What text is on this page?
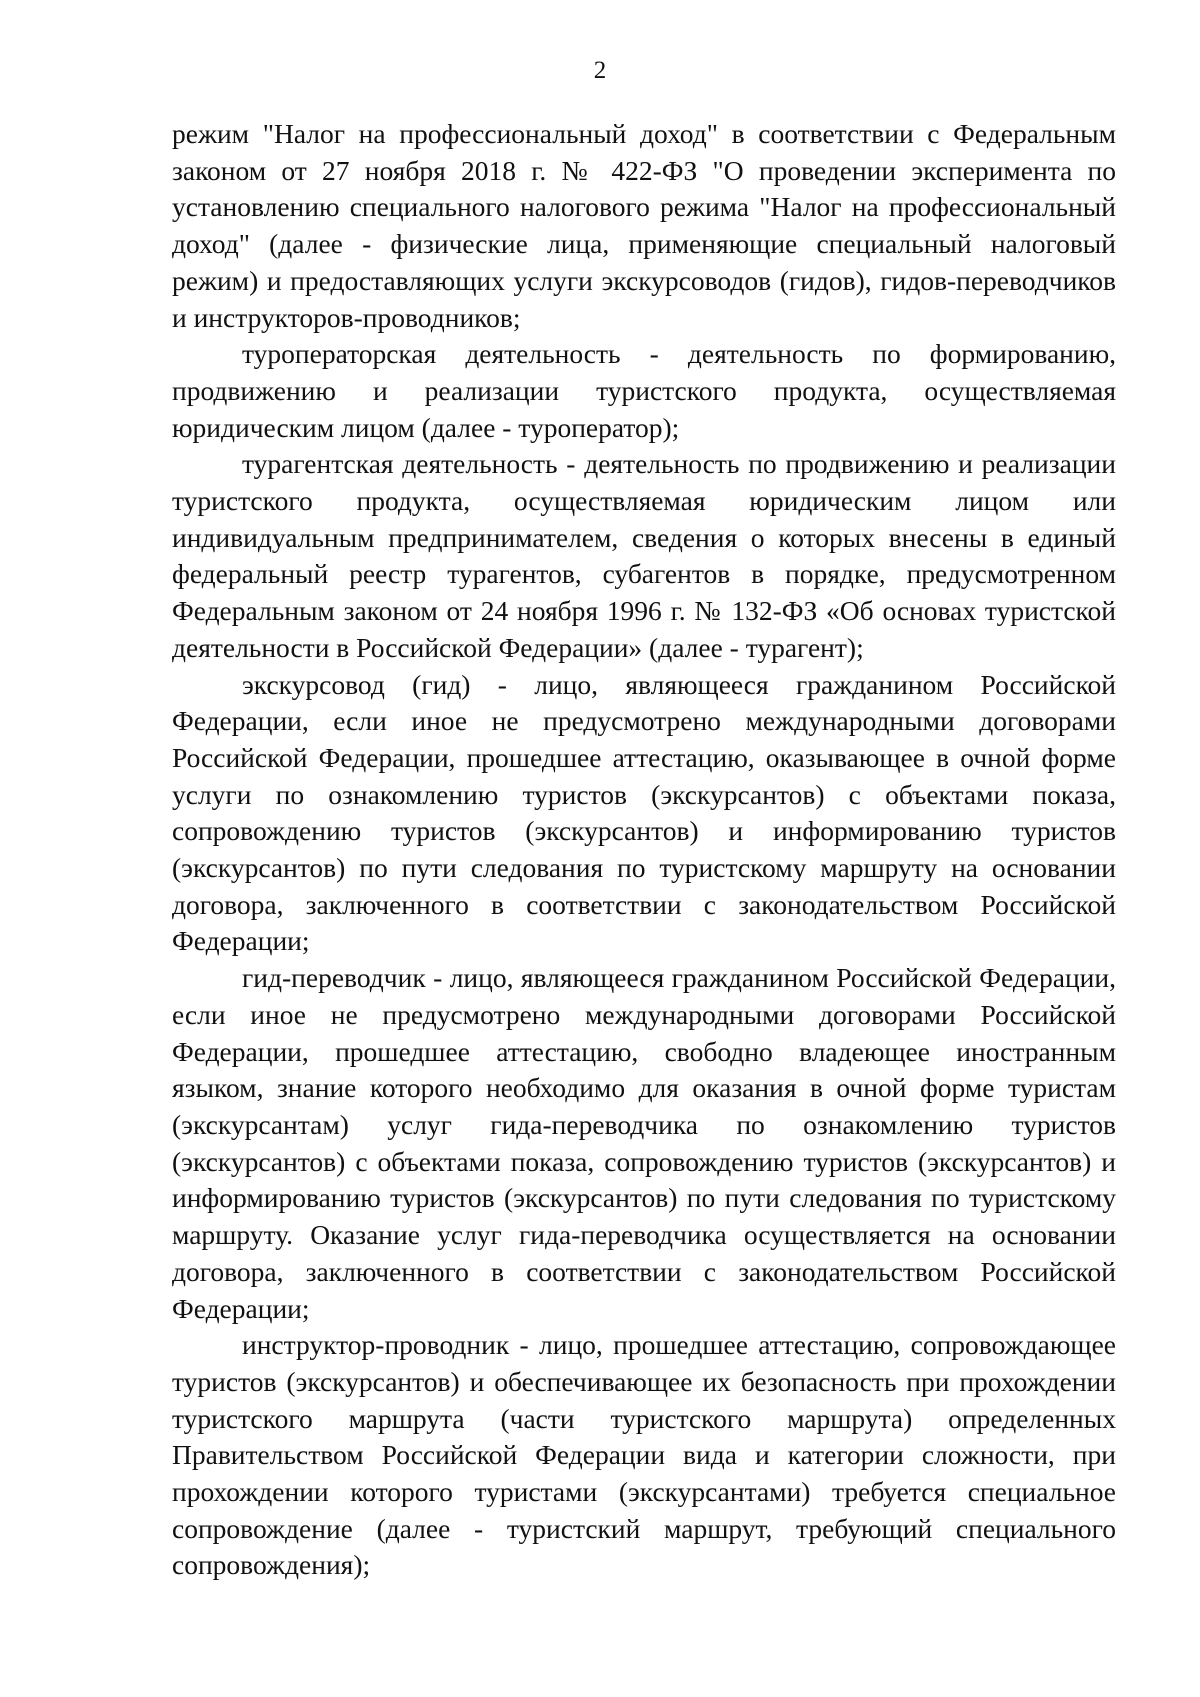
2

режим "Налог на профессиональный доход" в соответствии с Федеральным законом от 27 ноября 2018 г. № 422-ФЗ "О проведении эксперимента по установлению специального налогового режима "Налог на профессиональный доход" (далее - физические лица, применяющие специальный налоговый режим) и предоставляющих услуги экскурсоводов (гидов), гидов-переводчиков и инструкторов-проводников;

туроператорская деятельность - деятельность по формированию, продвижению и реализации туристского продукта, осуществляемая юридическим лицом (далее - туроператор);

турагентская деятельность - деятельность по продвижению и реализации туристского продукта, осуществляемая юридическим лицом или индивидуальным предпринимателем, сведения о которых внесены в единый федеральный реестр турагентов, субагентов в порядке, предусмотренном Федеральным законом от 24 ноября 1996 г. № 132-ФЗ «Об основах туристской деятельности в Российской Федерации» (далее - турагент);

экскурсовод (гид) - лицо, являющееся гражданином Российской Федерации, если иное не предусмотрено международными договорами Российской Федерации, прошедшее аттестацию, оказывающее в очной форме услуги по ознакомлению туристов (экскурсантов) с объектами показа, сопровождению туристов (экскурсантов) и информированию туристов (экскурсантов) по пути следования по туристскому маршруту на основании договора, заключенного в соответствии с законодательством Российской Федерации;

гид-переводчик - лицо, являющееся гражданином Российской Федерации, если иное не предусмотрено международными договорами Российской Федерации, прошедшее аттестацию, свободно владеющее иностранным языком, знание которого необходимо для оказания в очной форме туристам (экскурсантам) услуг гида-переводчика по ознакомлению туристов (экскурсантов) с объектами показа, сопровождению туристов (экскурсантов) и информированию туристов (экскурсантов) по пути следования по туристскому маршруту. Оказание услуг гида-переводчика осуществляется на основании договора, заключенного в соответствии с законодательством Российской Федерации;

инструктор-проводник - лицо, прошедшее аттестацию, сопровождающее туристов (экскурсантов) и обеспечивающее их безопасность при прохождении туристского маршрута (части туристского маршрута) определенных Правительством Российской Федерации вида и категории сложности, при прохождении которого туристами (экскурсантами) требуется специальное сопровождение (далее - туристский маршрут, требующий специального сопровождения);
